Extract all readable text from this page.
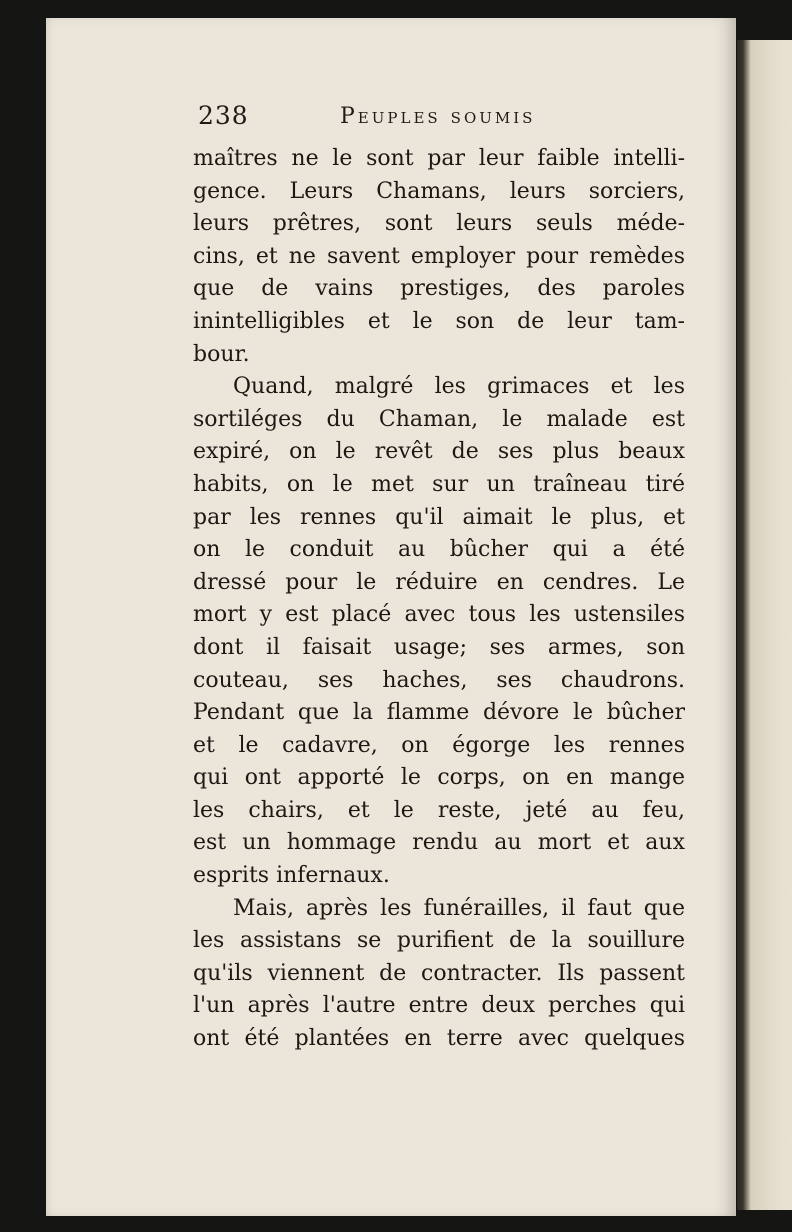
238	Peuples soumis
maîtres ne le sont par leur faible intelli-
gence. Leurs Chamans, leurs sorciers,
leurs prêtres, sont leurs seuls méde-
cins, et ne savent employer pour remèdes
que de vains prestiges, des paroles
inintelligibles et le son de leur tam-
bour.
Quand, malgré les grimaces et les
sortiléges du Chaman, le malade est
expiré, on le revêt de ses plus beaux
habits, on le met sur un traîneau tiré
par les rennes qu'il aimait le plus, et
on le conduit au bûcher qui a été
dressé pour le réduire en cendres. Le
mort y est placé avec tous les ustensiles
dont il faisait usage; ses armes, son
couteau, ses haches, ses chaudrons.
Pendant que la flamme dévore le bûcher
et le cadavre, on égorge les rennes
qui ont apporté le corps, on en mange
les chairs, et le reste, jeté au feu,
est un hommage rendu au mort et aux
esprits infernaux.
Mais, après les funérailles, il faut que
les assistans se purifient de la souillure
qu'ils viennent de contracter. Ils passent
l'un après l'autre entre deux perches qui
ont été plantées en terre avec quelques
